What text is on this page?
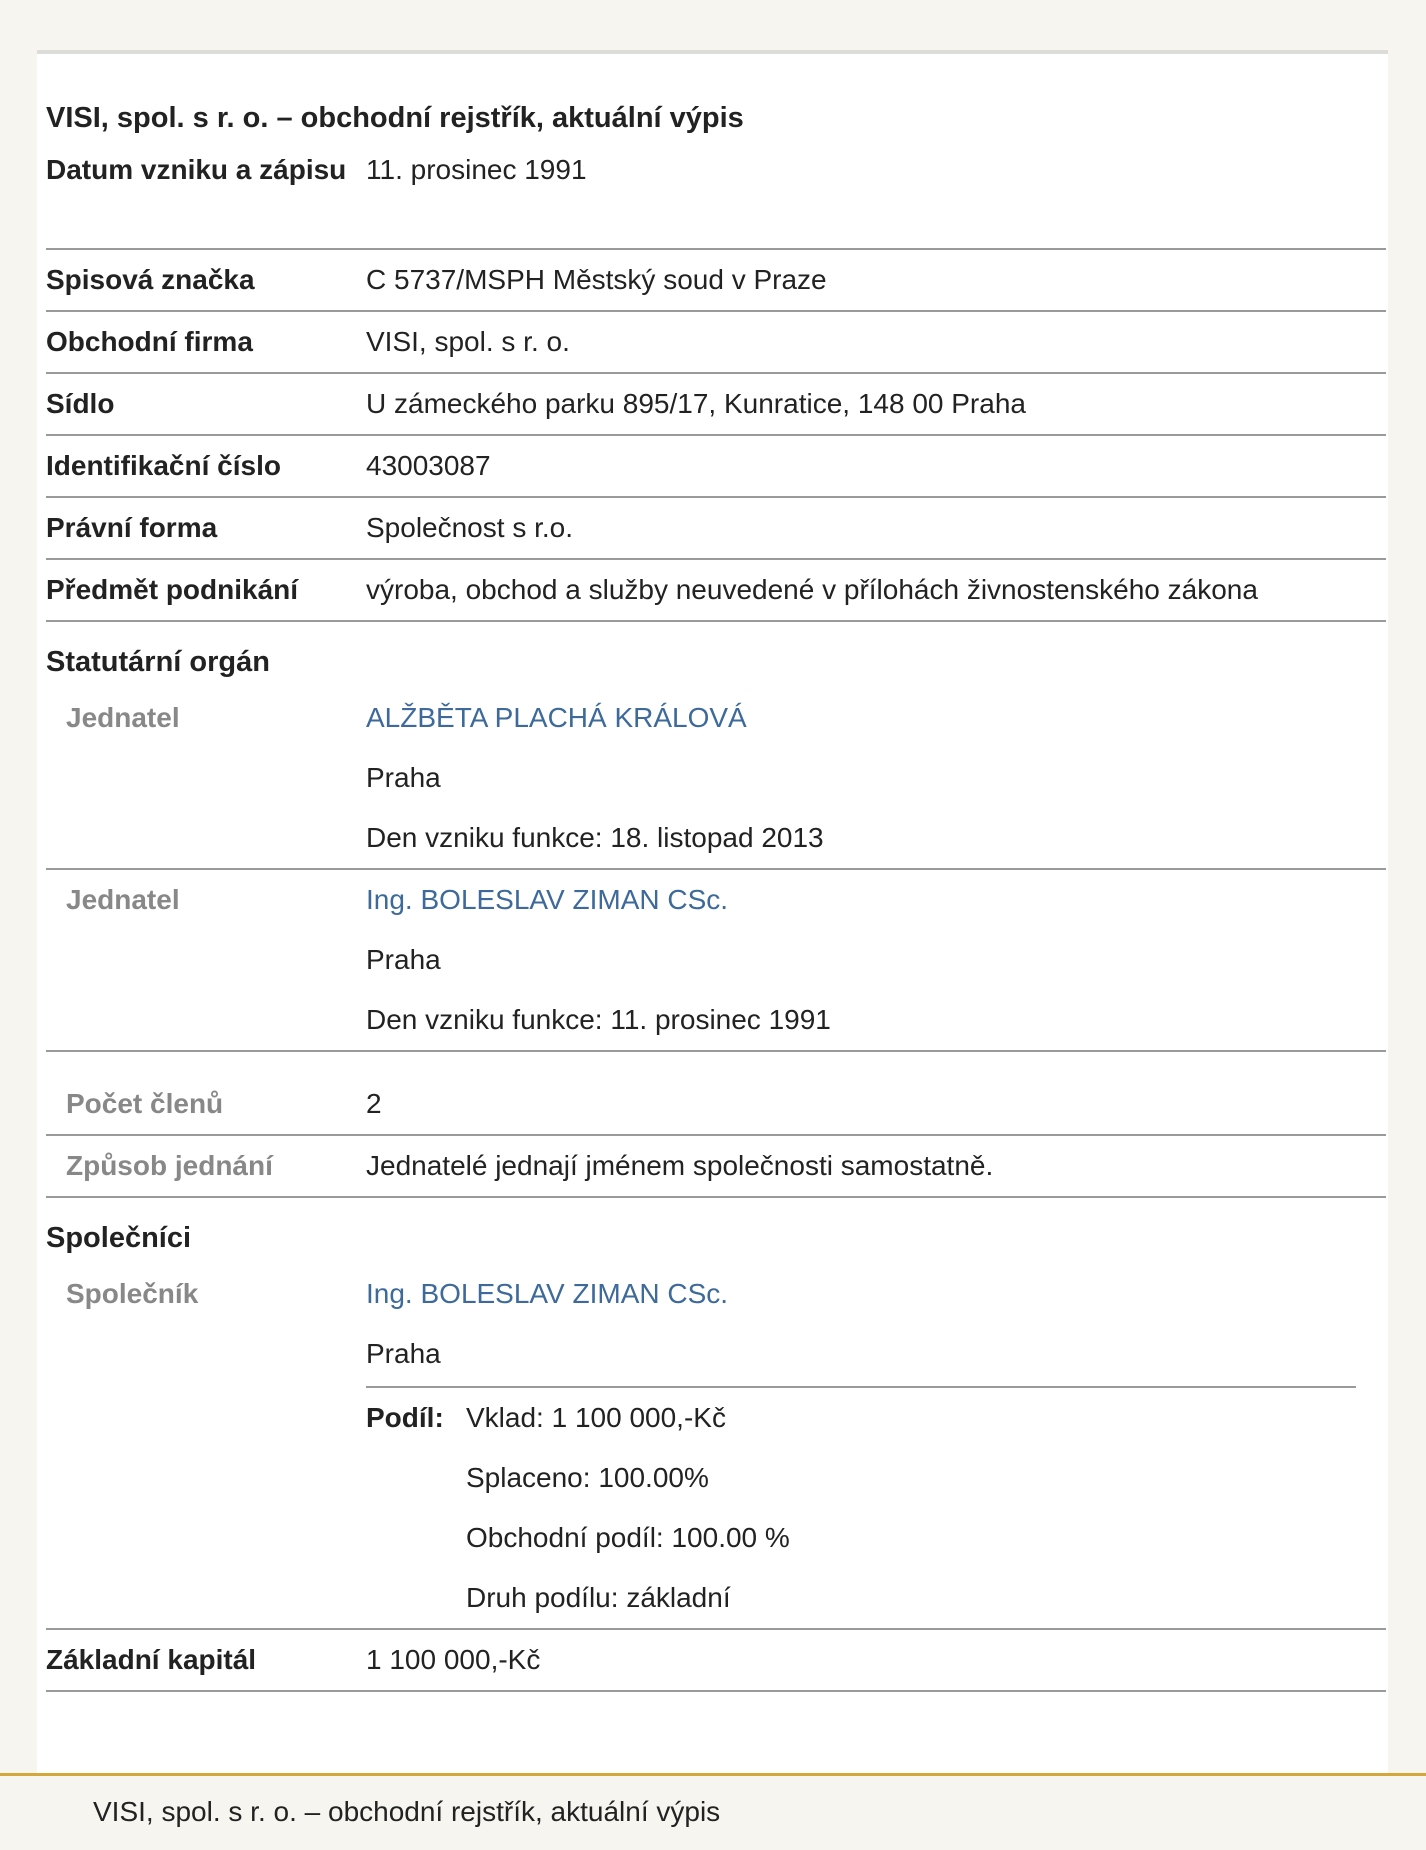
VISI, spol. s r. o. – obchodní rejstřík, aktuální výpis
Datum vzniku a zápisu 11. prosinec 1991
Spisová značka	C 5737/MSPH Městský soud v Praze
Obchodní firma	VISI, spol. s r. o.
Sídlo	U zámeckého parku 895/17, Kunratice, 148 00 Praha
Identifikační číslo	43003087
Právní forma	Společnost s r.o.
Předmět podnikání	výroba, obchod a služby neuvedené v přílohách živnostenského zákona
Statutární orgán
Jednatel	ALŽBĚTA PLACHÁ KRÁLOVÁ
Praha
Den vzniku funkce: 18. listopad 2013
Jednatel	Ing. BOLESLAV ZIMAN CSc.
Praha
Den vzniku funkce: 11. prosinec 1991
Počet členů	2
Způsob jednání	Jednatelé jednají jménem společnosti samostatně.
Společníci
Společník	Ing. BOLESLAV ZIMAN CSc.
Praha
Podíl: Vklad: 1 100 000,-Kč
Splaceno: 100.00%
Obchodní podíl: 100.00 %
Druh podílu: základní
Základní kapitál	1 100 000,-Kč
VISI, spol. s r. o. – obchodní rejstřík, aktuální výpis
